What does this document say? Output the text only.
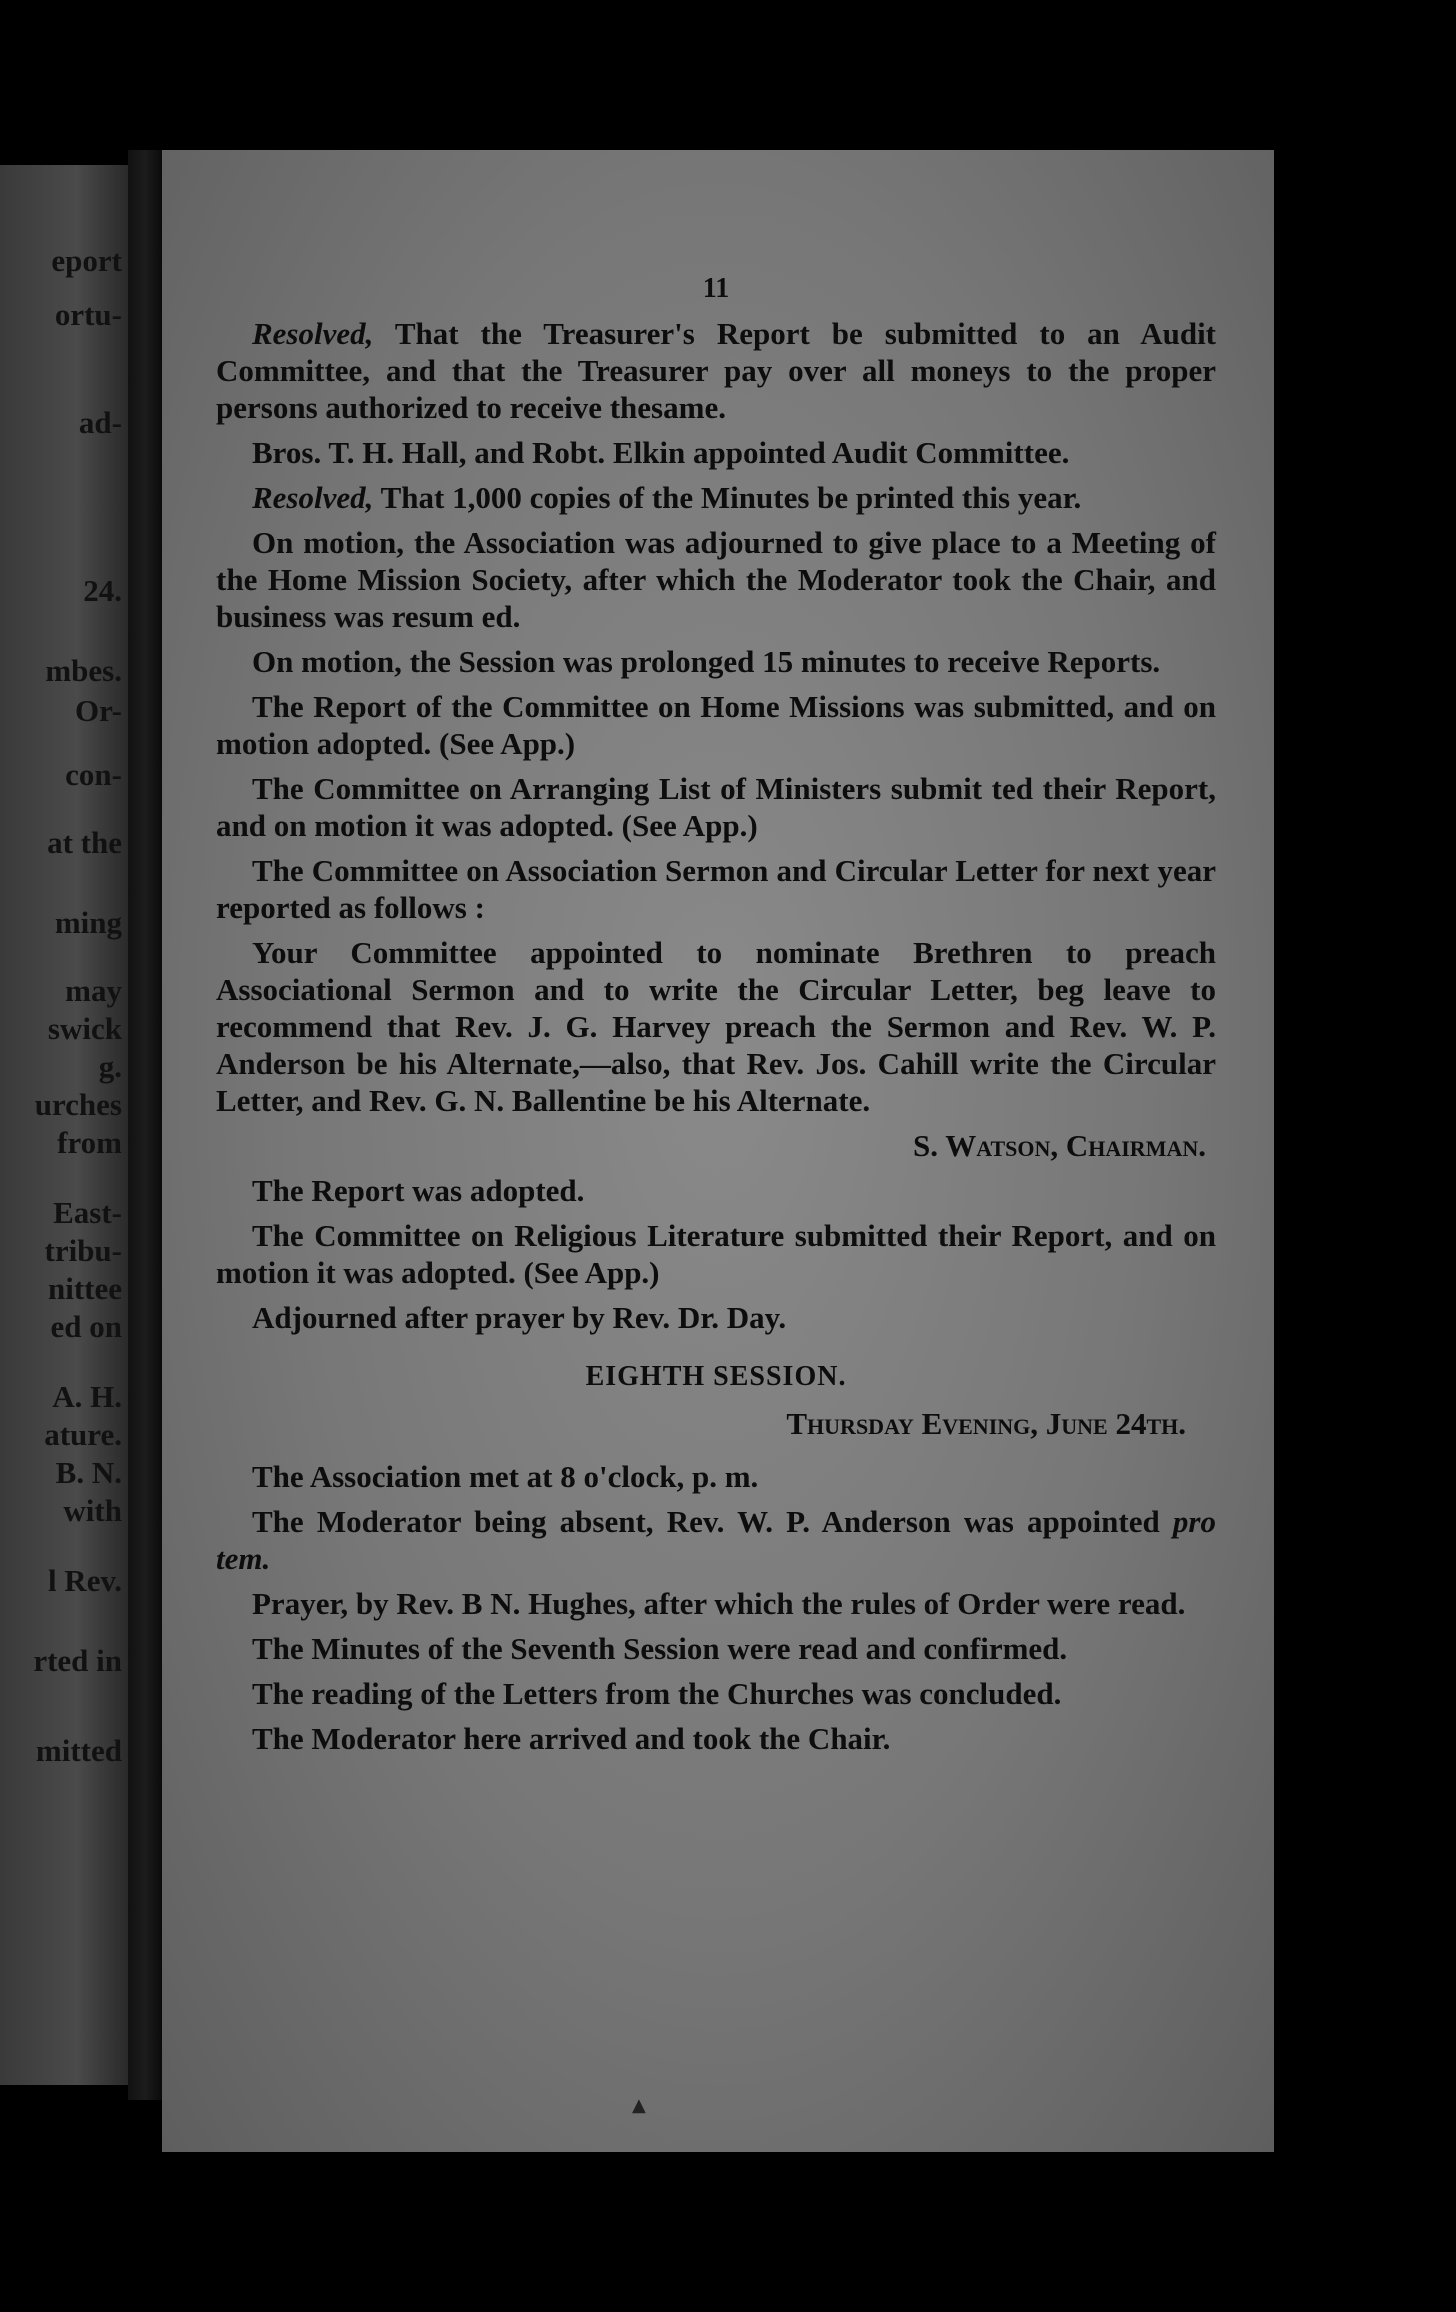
eport
ortu-
ad-
24.
mbes.
Or-
con-
at the
ming
may
swick
g.
urches
from
East-
tribu-
nittee
ed on
A. H.
ature.
B. N.
with
l Rev.
rted in
mitted
11

Resolved, That the Treasurer's Report be submitted to an Audit Committee, and that the Treasurer pay over all moneys to the proper persons authorized to receive thesame.

Bros. T. H. Hall, and Robt. Elkin appointed Audit Committee.

Resolved, That 1,000 copies of the Minutes be printed this year.

On motion, the Association was adjourned to give place to a Meeting of the Home Mission Society, after which the Moderator took the Chair, and business was resum ed.

On motion, the Session was prolonged 15 minutes to receive Reports.

The Report of the Committee on Home Missions was submitted, and on motion adopted. (See App.)

The Committee on Arranging List of Ministers submit ted their Report, and on motion it was adopted. (See App.)

The Committee on Association Sermon and Circular Letter for next year reported as follows :

Your Committee appointed to nominate Brethren to preach Associational Sermon and to write the Circular Letter, beg leave to recommend that Rev. J. G. Harvey preach the Sermon and Rev. W. P. Anderson be his Alternate,—also, that Rev. Jos. Cahill write the Circular Letter, and Rev. G. N. Ballentine be his Alternate.

S. Watson, Chairman.

The Report was adopted.

The Committee on Religious Literature submitted their Report, and on motion it was adopted. (See App.)

Adjourned after prayer by Rev. Dr. Day.

EIGHTH SESSION.
Thursday Evening, June 24th.

The Association met at 8 o'clock, p. m.

The Moderator being absent, Rev. W. P. Anderson was appointed pro tem.

Prayer, by Rev. B N. Hughes, after which the rules of Order were read.

The Minutes of the Seventh Session were read and confirmed.

The reading of the Letters from the Churches was concluded.

The Moderator here arrived and took the Chair.

▲
